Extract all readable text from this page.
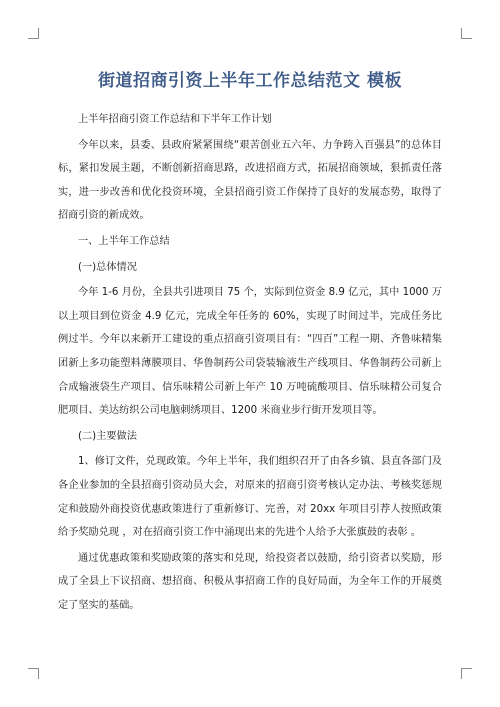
街道招商引资上半年工作总结范文 模板

上半年招商引资工作总结和下半年工作计划

今年以来，县委、县政府紧紧围绕“艰苦创业五六年、力争跨入百强县”的总体目标，紧扣发展主题，不断创新招商思路，改进招商方式，拓展招商领域，狠抓责任落实，进一步改善和优化投资环境，全县招商引资工作保持了良好的发展态势，取得了招商引资的新成效。

一、上半年工作总结

(一)总体情况

今年 1-6 月份，全县共引进项目 75 个，实际到位资金 8.9 亿元，其中 1000 万以上项目到位资金 4.9 亿元，完成全年任务的 60%，实现了时间过半，完成任务比例过半。今年以来新开工建设的重点招商引资项目有：“四百”工程一期、齐鲁味精集团新上多功能塑料薄膜项目、华鲁制药公司袋装输液生产线项目、华鲁制药公司新上合成输液袋生产项目、信乐味精公司新上年产 10 万吨硫酸项目、信乐味精公司复合肥项目、美达纺织公司电脑刺绣项目、1200 米商业步行街开发项目等。

(二)主要做法

1、修订文件，兑现政策。今年上半年，我们组织召开了由各乡镇、县直各部门及各企业参加的全县招商引资动员大会，对原来的招商引资考核认定办法、考核奖惩规定和鼓励外商投资优惠政策进行了重新修订、完善，对 20xx 年项目引荐人按照政策给予奖励兑现 ，对在招商引资工作中涌现出来的先进个人给予大张旗鼓的表彰 。

通过优惠政策和奖励政策的落实和兑现，给投资者以鼓励，给引资者以奖励，形成了全县上下议招商、想招商、积极从事招商工作的良好局面，为全年工作的开展奠定了坚实的基础。
